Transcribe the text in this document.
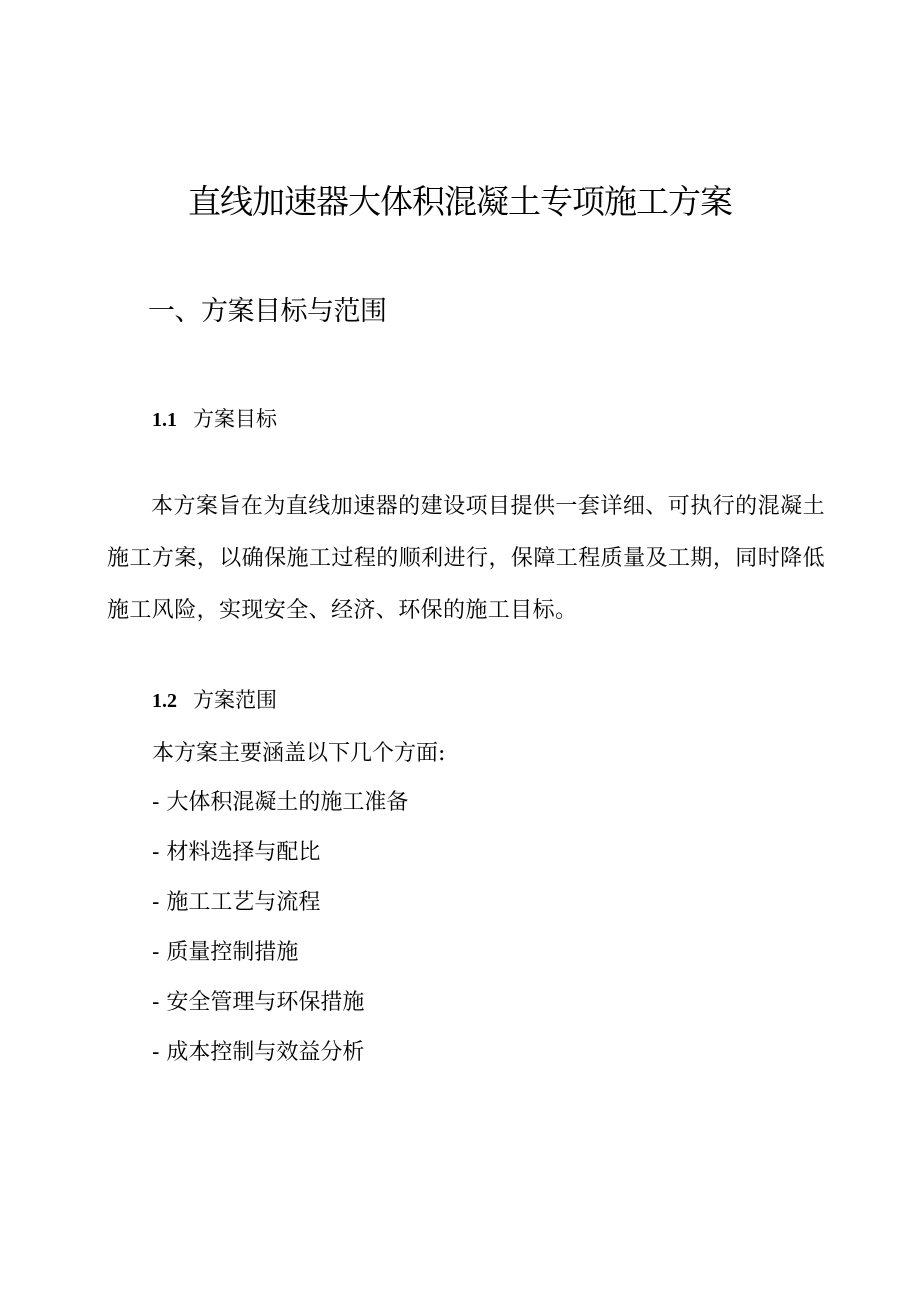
直线加速器大体积混凝土专项施工方案
一、方案目标与范围
1.1 方案目标

本方案旨在为直线加速器的建设项目提供一套详细、可执行的混凝土施工方案，以确保施工过程的顺利进行，保障工程质量及工期，同时降低施工风险，实现安全、经济、环保的施工目标。

1.2 方案范围

本方案主要涵盖以下几个方面:

- 大体积混凝土的施工准备
- 材料选择与配比
- 施工工艺与流程
- 质量控制措施
- 安全管理与环保措施
- 成本控制与效益分析
